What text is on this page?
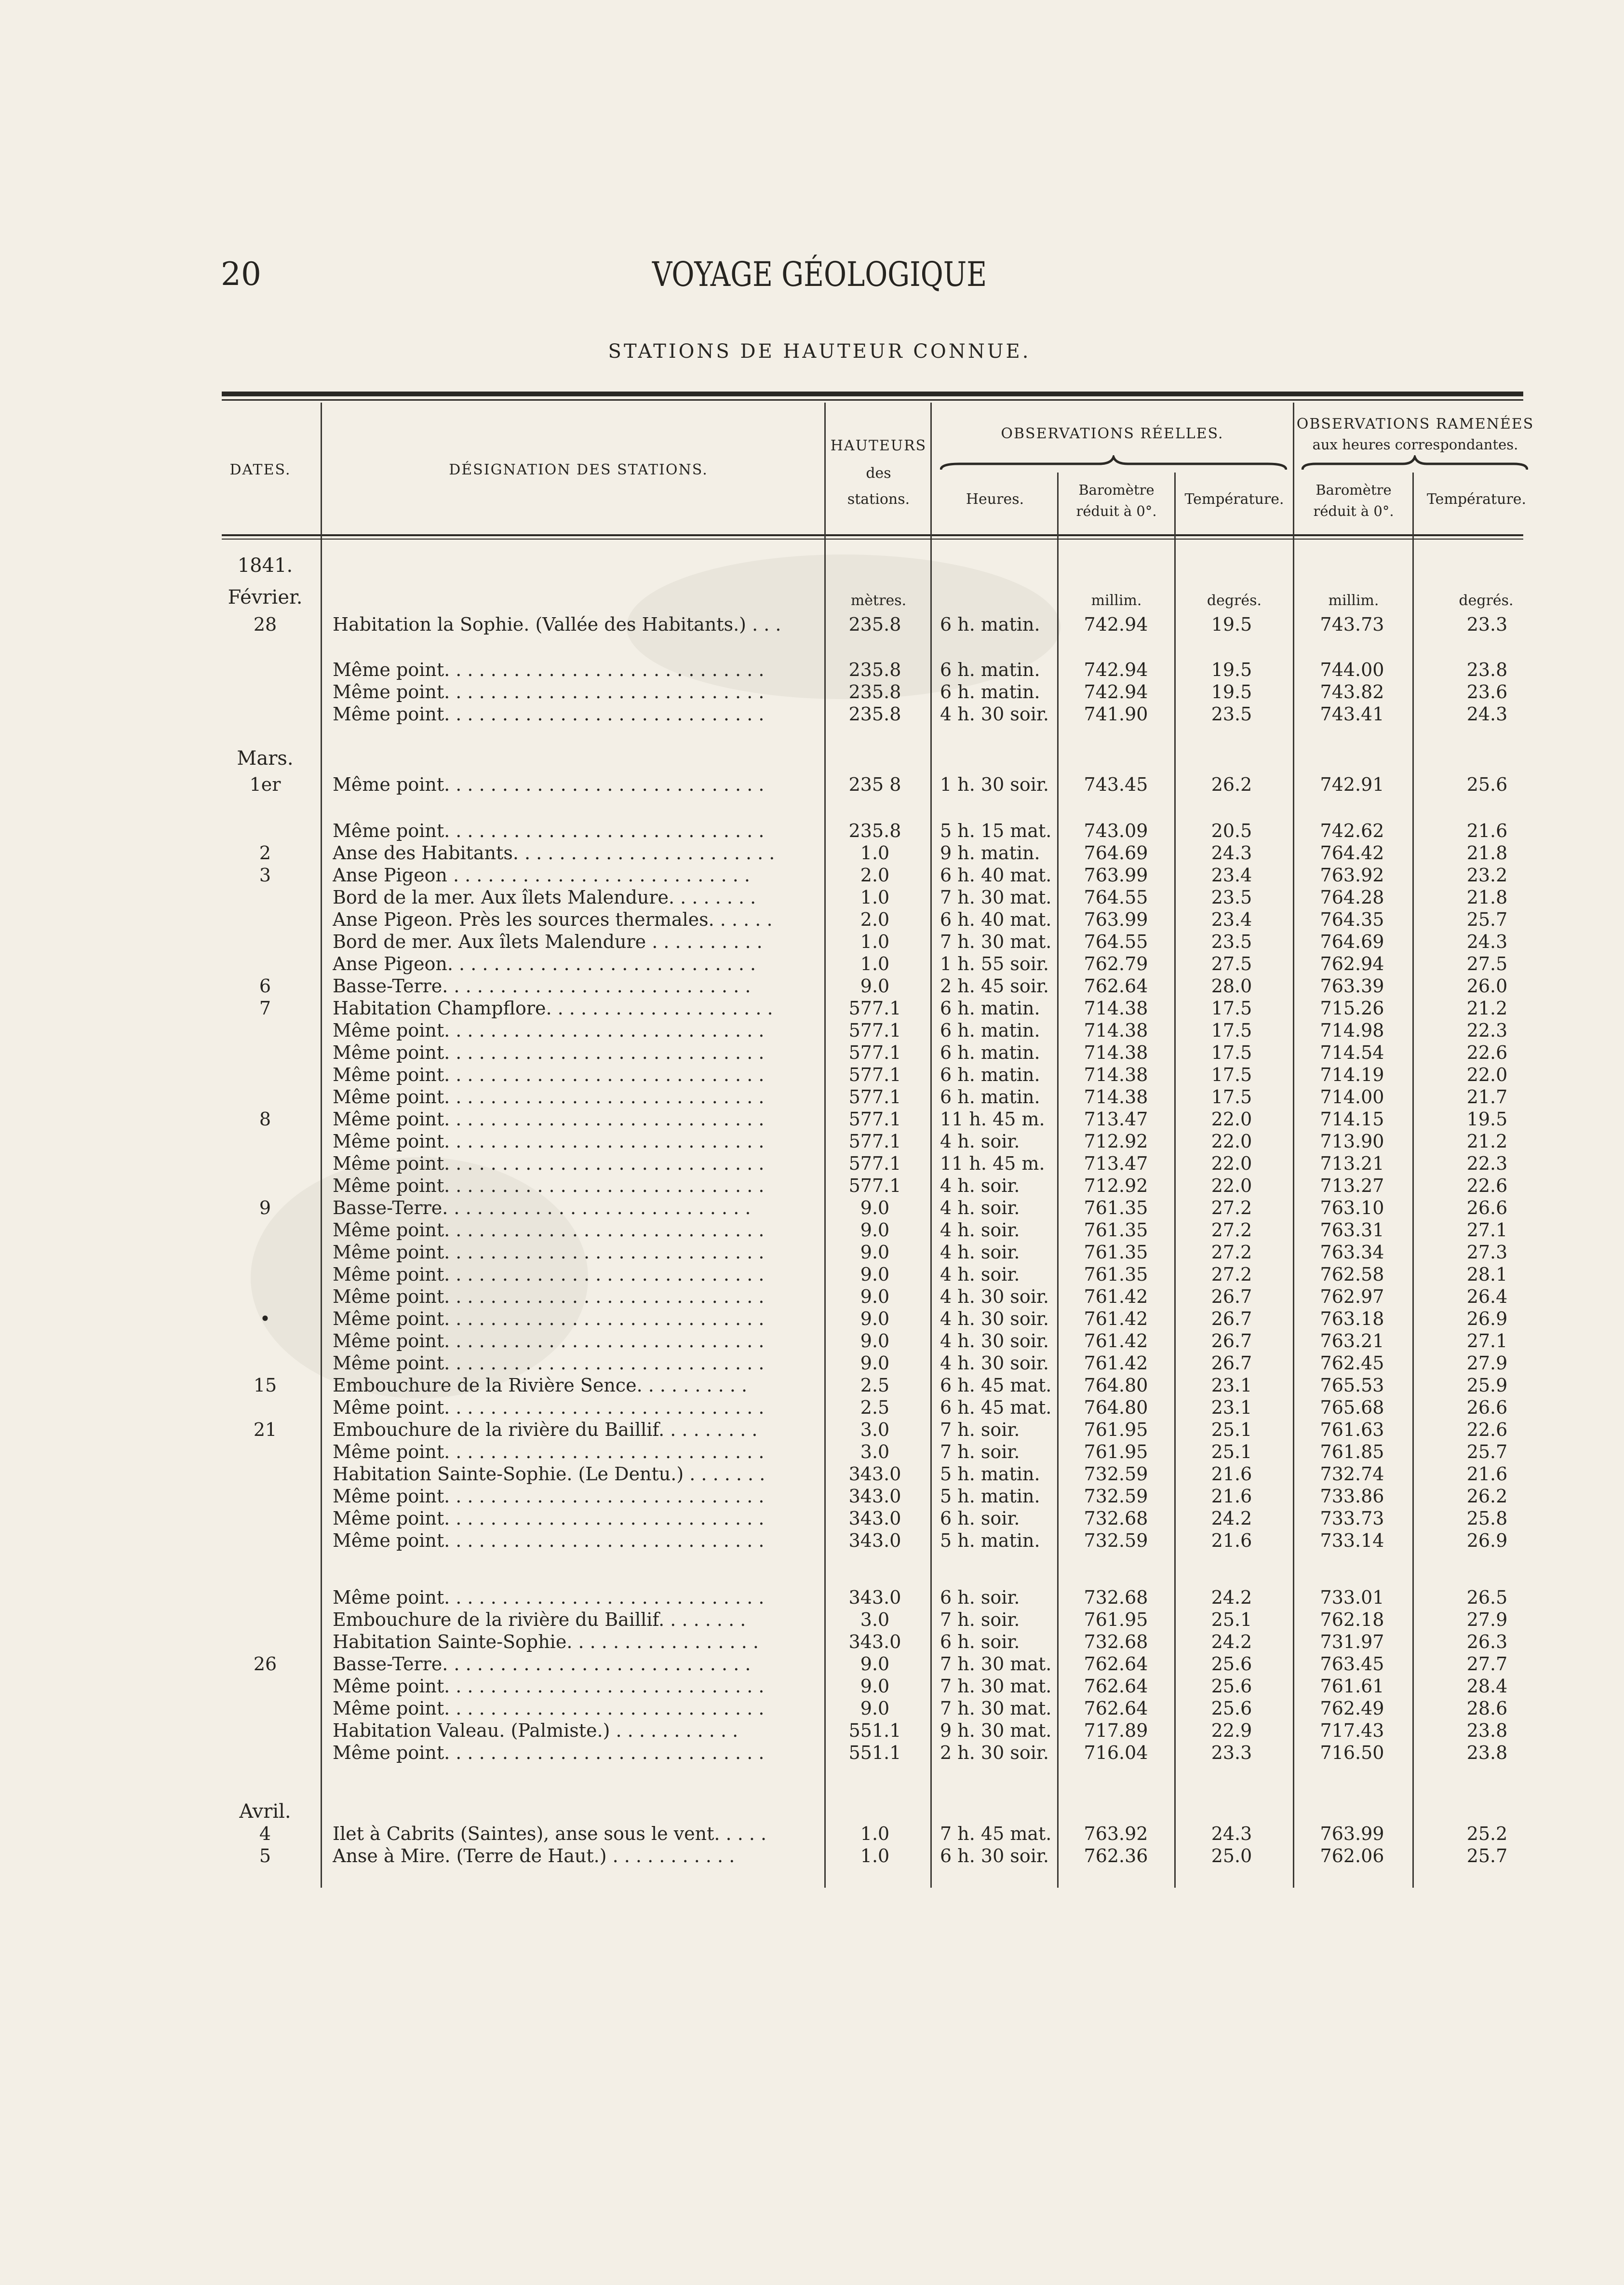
20	VOYAGE GÉOLOGIQUE
STATIONS DE HAUTEUR CONNUE.
DATES.	DÉSIGNATION DES STATIONS.
HAUTEURS
des
stations.
OBSERVATIONS RÉELLES.
Heures.
Baromètre
réduit à 0°.
Température.
OBSERVATIONS RAMENÉES
aux heures correspondantes.
Baromètre
réduit à 0°.
Température.
1841.
Février.
Mars.
Avril.
mètres.	millim.	degrés.	millim.	degrés.
28	Habitation la Sophie. (Vallée des Habitants.) . . .	235.8	6 h. matin.	742.94	19.5	743.73	23.3
Même point. . . . . . . . . . . . . . . . . . . . . . . . . . . .	235.8	6 h. matin.	742.94	19.5	744.00	23.8
Même point. . . . . . . . . . . . . . . . . . . . . . . . . . . .	235.8	6 h. matin.	742.94	19.5	743.82	23.6
Même point. . . . . . . . . . . . . . . . . . . . . . . . . . . .	235.8	4 h. 30 soir.	741.90	23.5	743.41	24.3
1er	Même point. . . . . . . . . . . . . . . . . . . . . . . . . . . .	235 8	1 h. 30 soir.	743.45	26.2	742.91	25.6
Même point. . . . . . . . . . . . . . . . . . . . . . . . . . . .	235.8	5 h. 15 mat.	743.09	20.5	742.62	21.6
2	Anse des Habitants. . . . . . . . . . . . . . . . . . . . . . .	1.0	9 h. matin.	764.69	24.3	764.42	21.8
3	Anse Pigeon . . . . . . . . . . . . . . . . . . . . . . . . . .	2.0	6 h. 40 mat.	763.99	23.4	763.92	23.2
Bord de la mer. Aux îlets Malendure. . . . . . . .	1.0	7 h. 30 mat.	764.55	23.5	764.28	21.8
Anse Pigeon. Près les sources thermales. . . . . .	2.0	6 h. 40 mat.	763.99	23.4	764.35	25.7
Bord de mer. Aux îlets Malendure . . . . . . . . . .	1.0	7 h. 30 mat.	764.55	23.5	764.69	24.3
Anse Pigeon. . . . . . . . . . . . . . . . . . . . . . . . . . .	1.0	1 h. 55 soir.	762.79	27.5	762.94	27.5
6	Basse-Terre. . . . . . . . . . . . . . . . . . . . . . . . . . .	9.0	2 h. 45 soir.	762.64	28.0	763.39	26.0
7	Habitation Champflore. . . . . . . . . . . . . . . . . . . .	577.1	6 h. matin.	714.38	17.5	715.26	21.2
Même point. . . . . . . . . . . . . . . . . . . . . . . . . . . .	577.1	6 h. matin.	714.38	17.5	714.98	22.3
Même point. . . . . . . . . . . . . . . . . . . . . . . . . . . .	577.1	6 h. matin.	714.38	17.5	714.54	22.6
Même point. . . . . . . . . . . . . . . . . . . . . . . . . . . .	577.1	6 h. matin.	714.38	17.5	714.19	22.0
Même point. . . . . . . . . . . . . . . . . . . . . . . . . . . .	577.1	6 h. matin.	714.38	17.5	714.00	21.7
8	Même point. . . . . . . . . . . . . . . . . . . . . . . . . . . .	577.1	11 h. 45 m.	713.47	22.0	714.15	19.5
Même point. . . . . . . . . . . . . . . . . . . . . . . . . . . .	577.1	4 h. soir.	712.92	22.0	713.90	21.2
Même point. . . . . . . . . . . . . . . . . . . . . . . . . . . .	577.1	11 h. 45 m.	713.47	22.0	713.21	22.3
Même point. . . . . . . . . . . . . . . . . . . . . . . . . . . .	577.1	4 h. soir.	712.92	22.0	713.27	22.6
9	Basse-Terre. . . . . . . . . . . . . . . . . . . . . . . . . . .	9.0	4 h. soir.	761.35	27.2	763.10	26.6
Même point. . . . . . . . . . . . . . . . . . . . . . . . . . . .	9.0	4 h. soir.	761.35	27.2	763.31	27.1
Même point. . . . . . . . . . . . . . . . . . . . . . . . . . . .	9.0	4 h. soir.	761.35	27.2	763.34	27.3
Même point. . . . . . . . . . . . . . . . . . . . . . . . . . . .	9.0	4 h. soir.	761.35	27.2	762.58	28.1
Même point. . . . . . . . . . . . . . . . . . . . . . . . . . . .	9.0	4 h. 30 soir.	761.42	26.7	762.97	26.4
•	Même point. . . . . . . . . . . . . . . . . . . . . . . . . . . .	9.0	4 h. 30 soir.	761.42	26.7	763.18	26.9
Même point. . . . . . . . . . . . . . . . . . . . . . . . . . . .	9.0	4 h. 30 soir.	761.42	26.7	763.21	27.1
Même point. . . . . . . . . . . . . . . . . . . . . . . . . . . .	9.0	4 h. 30 soir.	761.42	26.7	762.45	27.9
15	Embouchure de la Rivière Sence. . . . . . . . . .	2.5	6 h. 45 mat.	764.80	23.1	765.53	25.9
Même point. . . . . . . . . . . . . . . . . . . . . . . . . . . .	2.5	6 h. 45 mat.	764.80	23.1	765.68	26.6
21	Embouchure de la rivière du Baillif. . . . . . . . .	3.0	7 h. soir.	761.95	25.1	761.63	22.6
Même point. . . . . . . . . . . . . . . . . . . . . . . . . . . .	3.0	7 h. soir.	761.95	25.1	761.85	25.7
Habitation Sainte-Sophie. (Le Dentu.) . . . . . . .	343.0	5 h. matin.	732.59	21.6	732.74	21.6
Même point. . . . . . . . . . . . . . . . . . . . . . . . . . . .	343.0	5 h. matin.	732.59	21.6	733.86	26.2
Même point. . . . . . . . . . . . . . . . . . . . . . . . . . . .	343.0	6 h. soir.	732.68	24.2	733.73	25.8
Même point. . . . . . . . . . . . . . . . . . . . . . . . . . . .	343.0	5 h. matin.	732.59	21.6	733.14	26.9
Même point. . . . . . . . . . . . . . . . . . . . . . . . . . . .	343.0	6 h. soir.	732.68	24.2	733.01	26.5
Embouchure de la rivière du Baillif. . . . . . . .	3.0	7 h. soir.	761.95	25.1	762.18	27.9
Habitation Sainte-Sophie. . . . . . . . . . . . . . . . .	343.0	6 h. soir.	732.68	24.2	731.97	26.3
26	Basse-Terre. . . . . . . . . . . . . . . . . . . . . . . . . . .	9.0	7 h. 30 mat.	762.64	25.6	763.45	27.7
Même point. . . . . . . . . . . . . . . . . . . . . . . . . . . .	9.0	7 h. 30 mat.	762.64	25.6	761.61	28.4
Même point. . . . . . . . . . . . . . . . . . . . . . . . . . . .	9.0	7 h. 30 mat.	762.64	25.6	762.49	28.6
Habitation Valeau. (Palmiste.) . . . . . . . . . . .	551.1	9 h. 30 mat.	717.89	22.9	717.43	23.8
Même point. . . . . . . . . . . . . . . . . . . . . . . . . . . .	551.1	2 h. 30 soir.	716.04	23.3	716.50	23.8
4	Ilet à Cabrits (Saintes), anse sous le vent. . . . .	1.0	7 h. 45 mat.	763.92	24.3	763.99	25.2
5	Anse à Mire. (Terre de Haut.) . . . . . . . . . . .	1.0	6 h. 30 soir.	762.36	25.0	762.06	25.7
